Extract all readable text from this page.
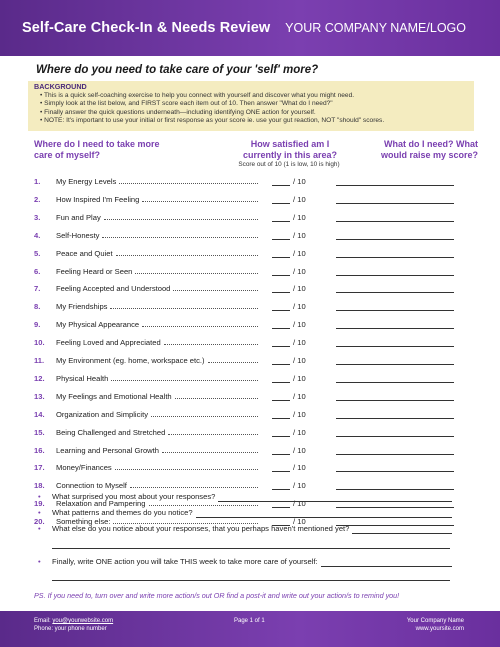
Self-Care Check-In & Needs Review YOUR COMPANY NAME/LOGO
Where do you need to take care of your 'self' more?
BACKGROUND
• This is a quick self-coaching exercise to help you connect with yourself and discover what you might need.
• Simply look at the list below, and FIRST score each item out of 10. Then answer "What do I need?"
• Finally answer the quick questions underneath—including identifying ONE action for yourself.
• NOTE: It's important to use your initial or first response as your score ie. use your gut reaction, NOT "should" scores.
Where do I need to take more care of myself?
How satisfied am I currently in this area?
What do I need? What would raise my score?
Score out of 10 (1 is low, 10 is high)
1. My Energy Levels	/ 10
2. How Inspired I'm Feeling	/ 10
3. Fun and Play	/ 10
4. Self-Honesty	/ 10
5. Peace and Quiet	/ 10
6. Feeling Heard or Seen	/ 10
7. Feeling Accepted and Understood	/ 10
8. My Friendships	/ 10
9. My Physical Appearance	/ 10
10. Feeling Loved and Appreciated	/ 10
11. My Environment (eg. home, workspace etc.)	/ 10
12. Physical Health	/ 10
13. My Feelings and Emotional Health	/ 10
14. Organization and Simplicity	/ 10
15. Being Challenged and Stretched	/ 10
16. Learning and Personal Growth	/ 10
17. Money/Finances	/ 10
18. Connection to Myself	/ 10
19. Relaxation and Pampering	/ 10
20. Something else:	/ 10
• What surprised you most about your responses?
• What patterns and themes do you notice?
• What else do you notice about your responses, that you perhaps haven't mentioned yet?
• Finally, write ONE action you will take THIS week to take more care of yourself:
PS. If you need to, turn over and write more action/s out OR find a post-it and write out your action/s to remind you!
Email: you@yourwebsite.com
Phone: your phone number
Page 1 of 1	Your Company Name
www.yoursite.com
